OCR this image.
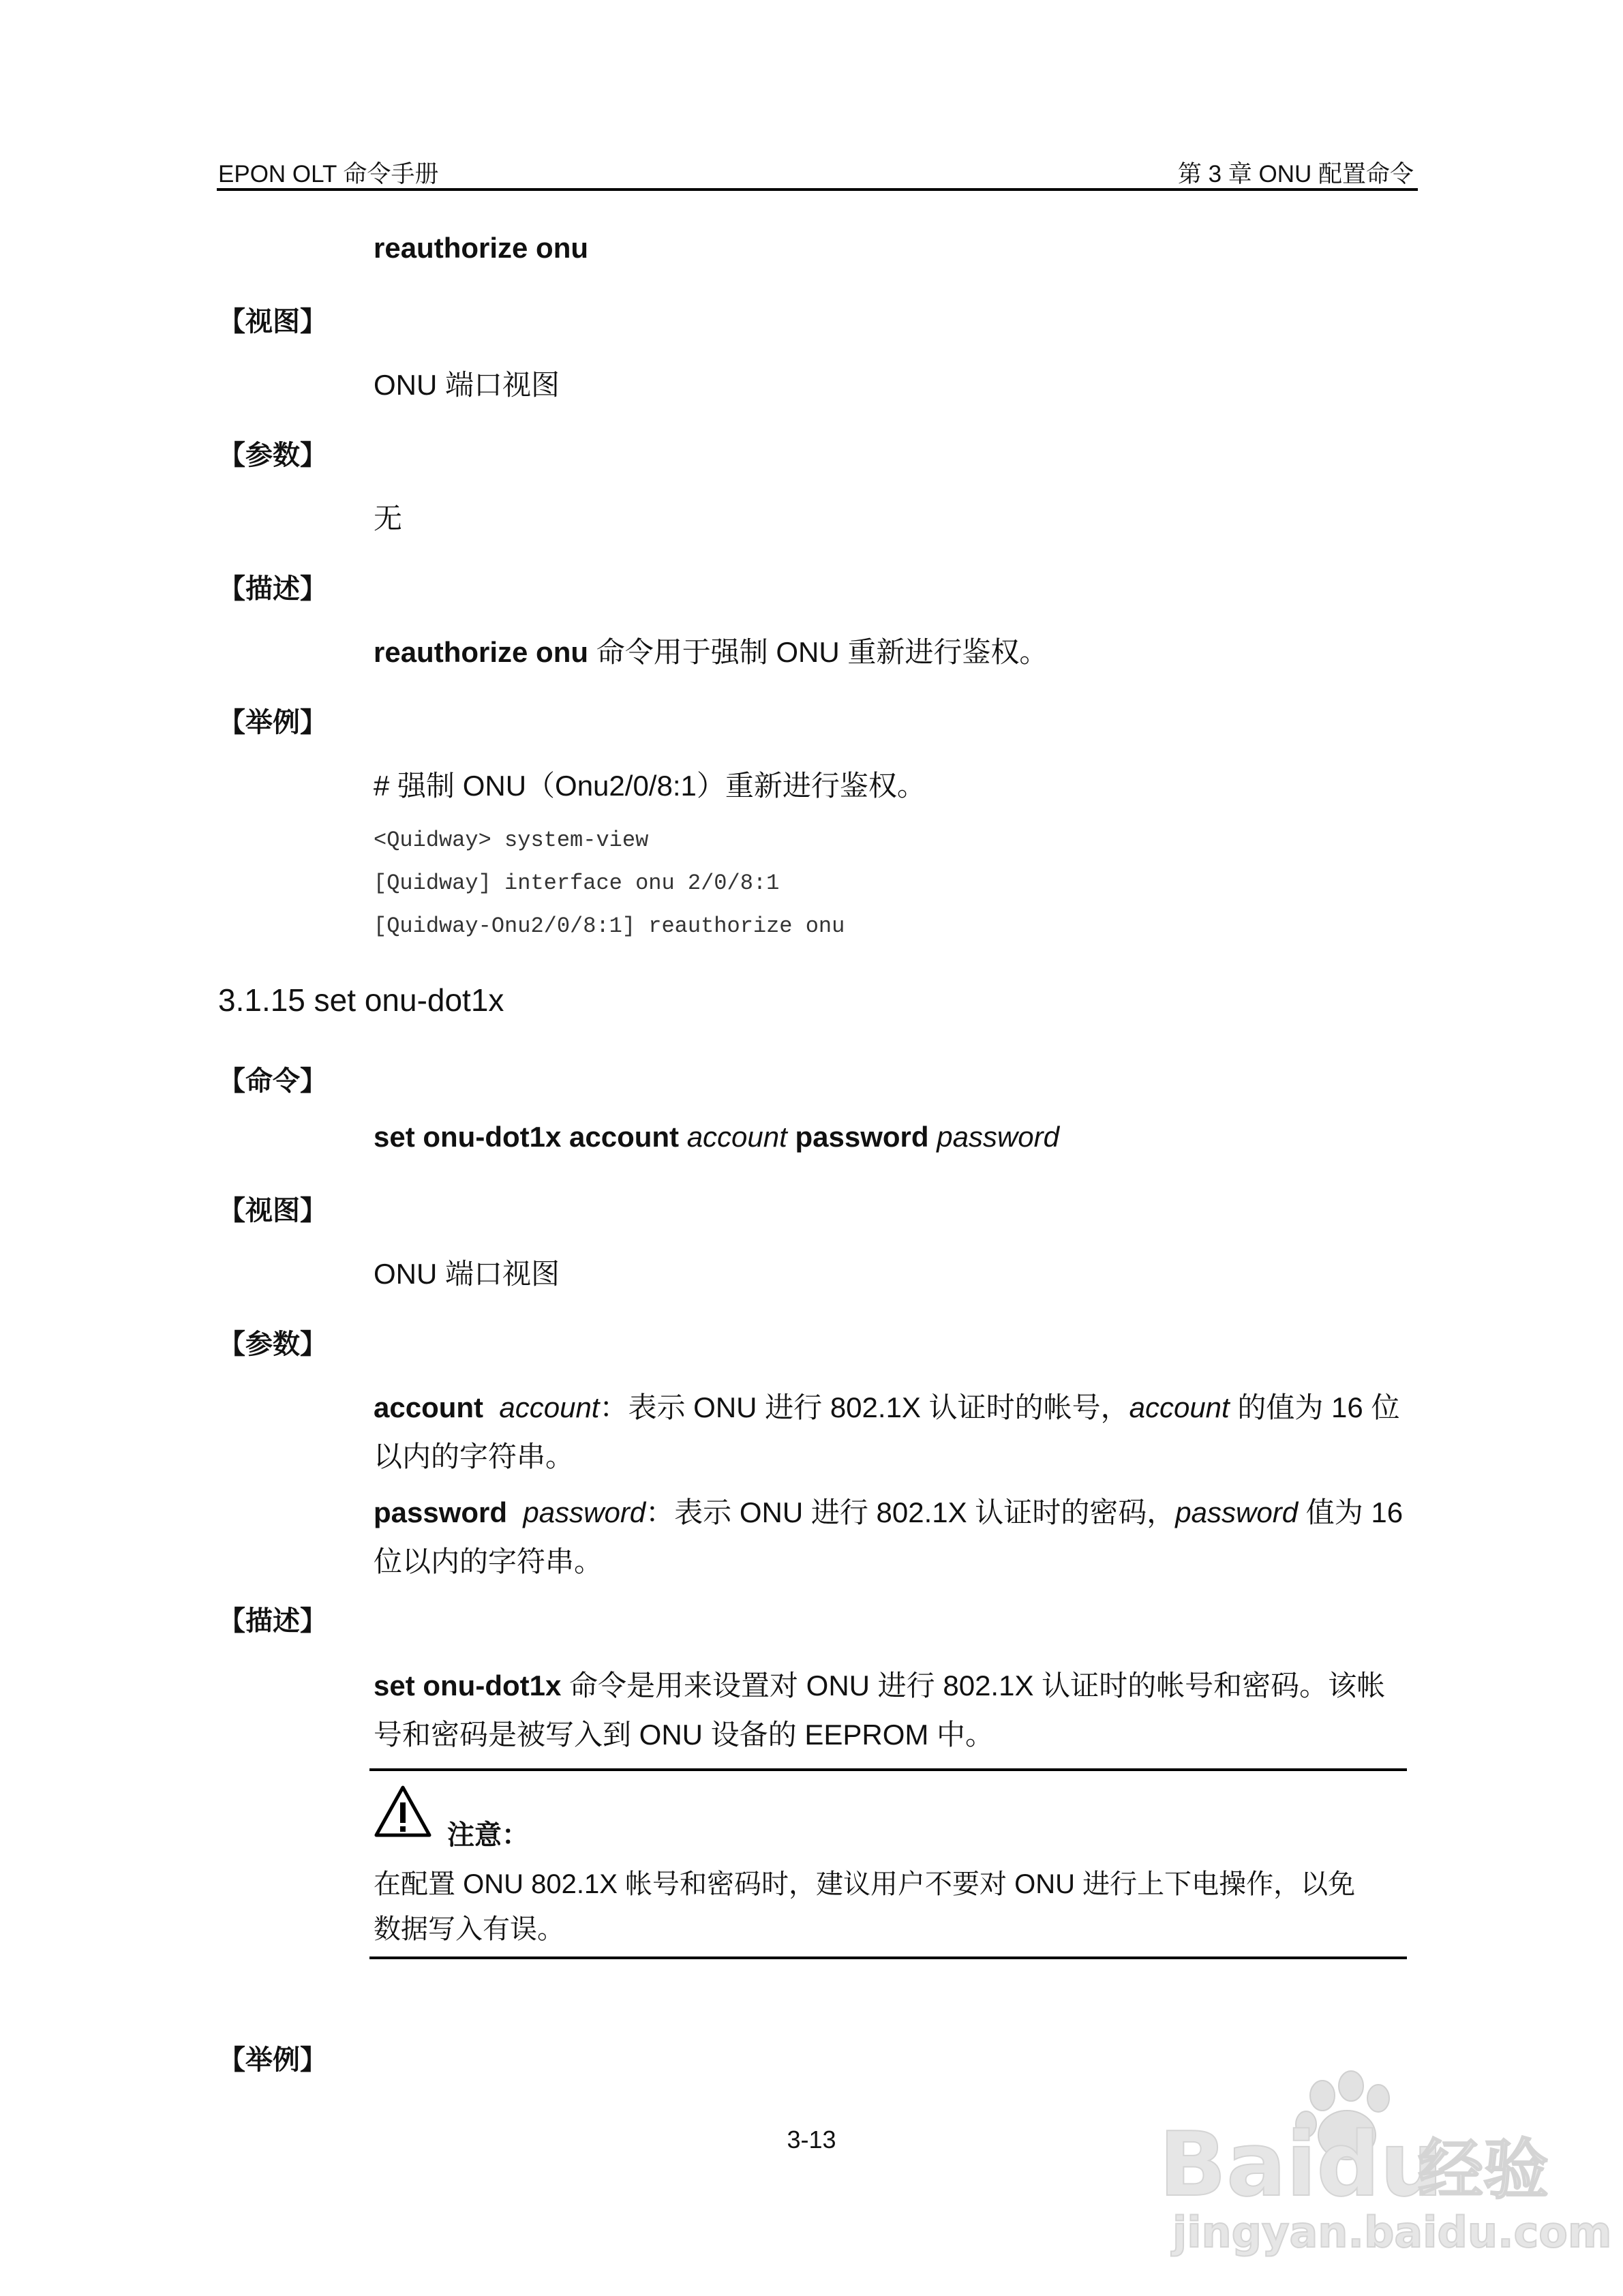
EPON OLT 命令手册	第 3 章 ONU 配置命令
reauthorize onu
【视图】
ONU 端口视图
【参数】
无
【描述】
reauthorize onu 命令用于强制 ONU 重新进行鉴权。
【举例】
# 强制 ONU（Onu2/0/8:1）重新进行鉴权。
<Quidway> system-view
[Quidway] interface onu 2/0/8:1
[Quidway-Onu2/0/8:1] reauthorize onu
3.1.15 set onu-dot1x
【命令】
set onu-dot1x account account password password
【视图】
ONU 端口视图
【参数】
account account：表示 ONU 进行 802.1X 认证时的帐号，account 的值为 16 位
以内的字符串。
password password：表示 ONU 进行 802.1X 认证时的密码，password 值为 16
位以内的字符串。
【描述】
set onu-dot1x 命令是用来设置对 ONU 进行 802.1X 认证时的帐号和密码。该帐
号和密码是被写入到 ONU 设备的 EEPROM 中。
注意：
在配置 ONU 802.1X 帐号和密码时，建议用户不要对 ONU 进行上下电操作，以免
数据写入有误。
【举例】
3-13	Baidu
经验
jingyan.baidu.com
